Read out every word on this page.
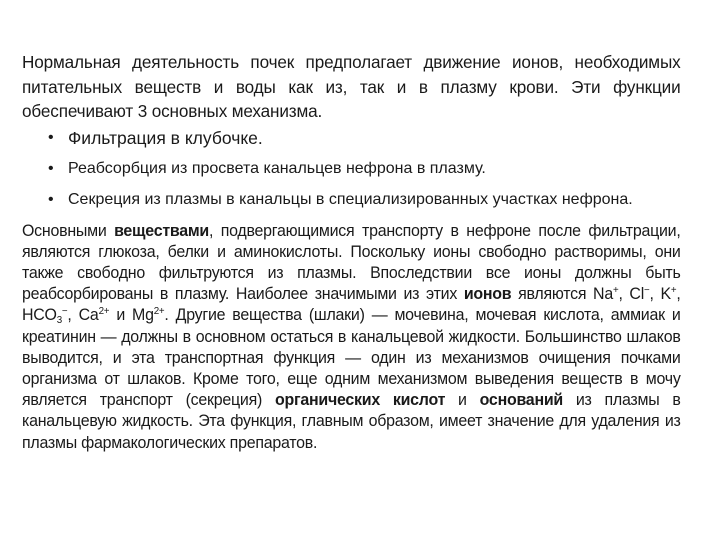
Нормальная деятельность почек предполагает движение ионов, необходимых питательных веществ и воды как из, так и в плазму крови. Эти функции обеспечивают 3 основных механизма.

• Фильтрация в клубочке.
• Реабсорбция из просвета канальцев нефрона в плазму.
• Секреция из плазмы в канальцы в специализированных участках нефрона.

Основными веществами, подвергающимися транспорту в нефроне после фильтрации, являются глюкоза, белки и аминокислоты. Поскольку ионы свободно растворимы, они также свободно фильтруются из плазмы. Впоследствии все ионы должны быть реабсорбированы в плазму. Наиболее значимыми из этих ионов являются Na+, Cl−, K+, $HCO_3^-$, $Ca^{2+}$ и $Mg^{2+}$. Другие вещества (шлаки) — мочевина, мочевая кислота, аммиак и креатинин — должны в основном остаться в канальцевой жидкости. Большинство шлаков выводится, и эта транспортная функция — один из механизмов очищения почками организма от шлаков. Кроме того, еще одним механизмом выведения веществ в мочу является транспорт (секреция) органических кислот и оснований из плазмы в канальцевую жидкость. Эта функция, главным образом, имеет значение для удаления из плазмы фармакологических препаратов.
